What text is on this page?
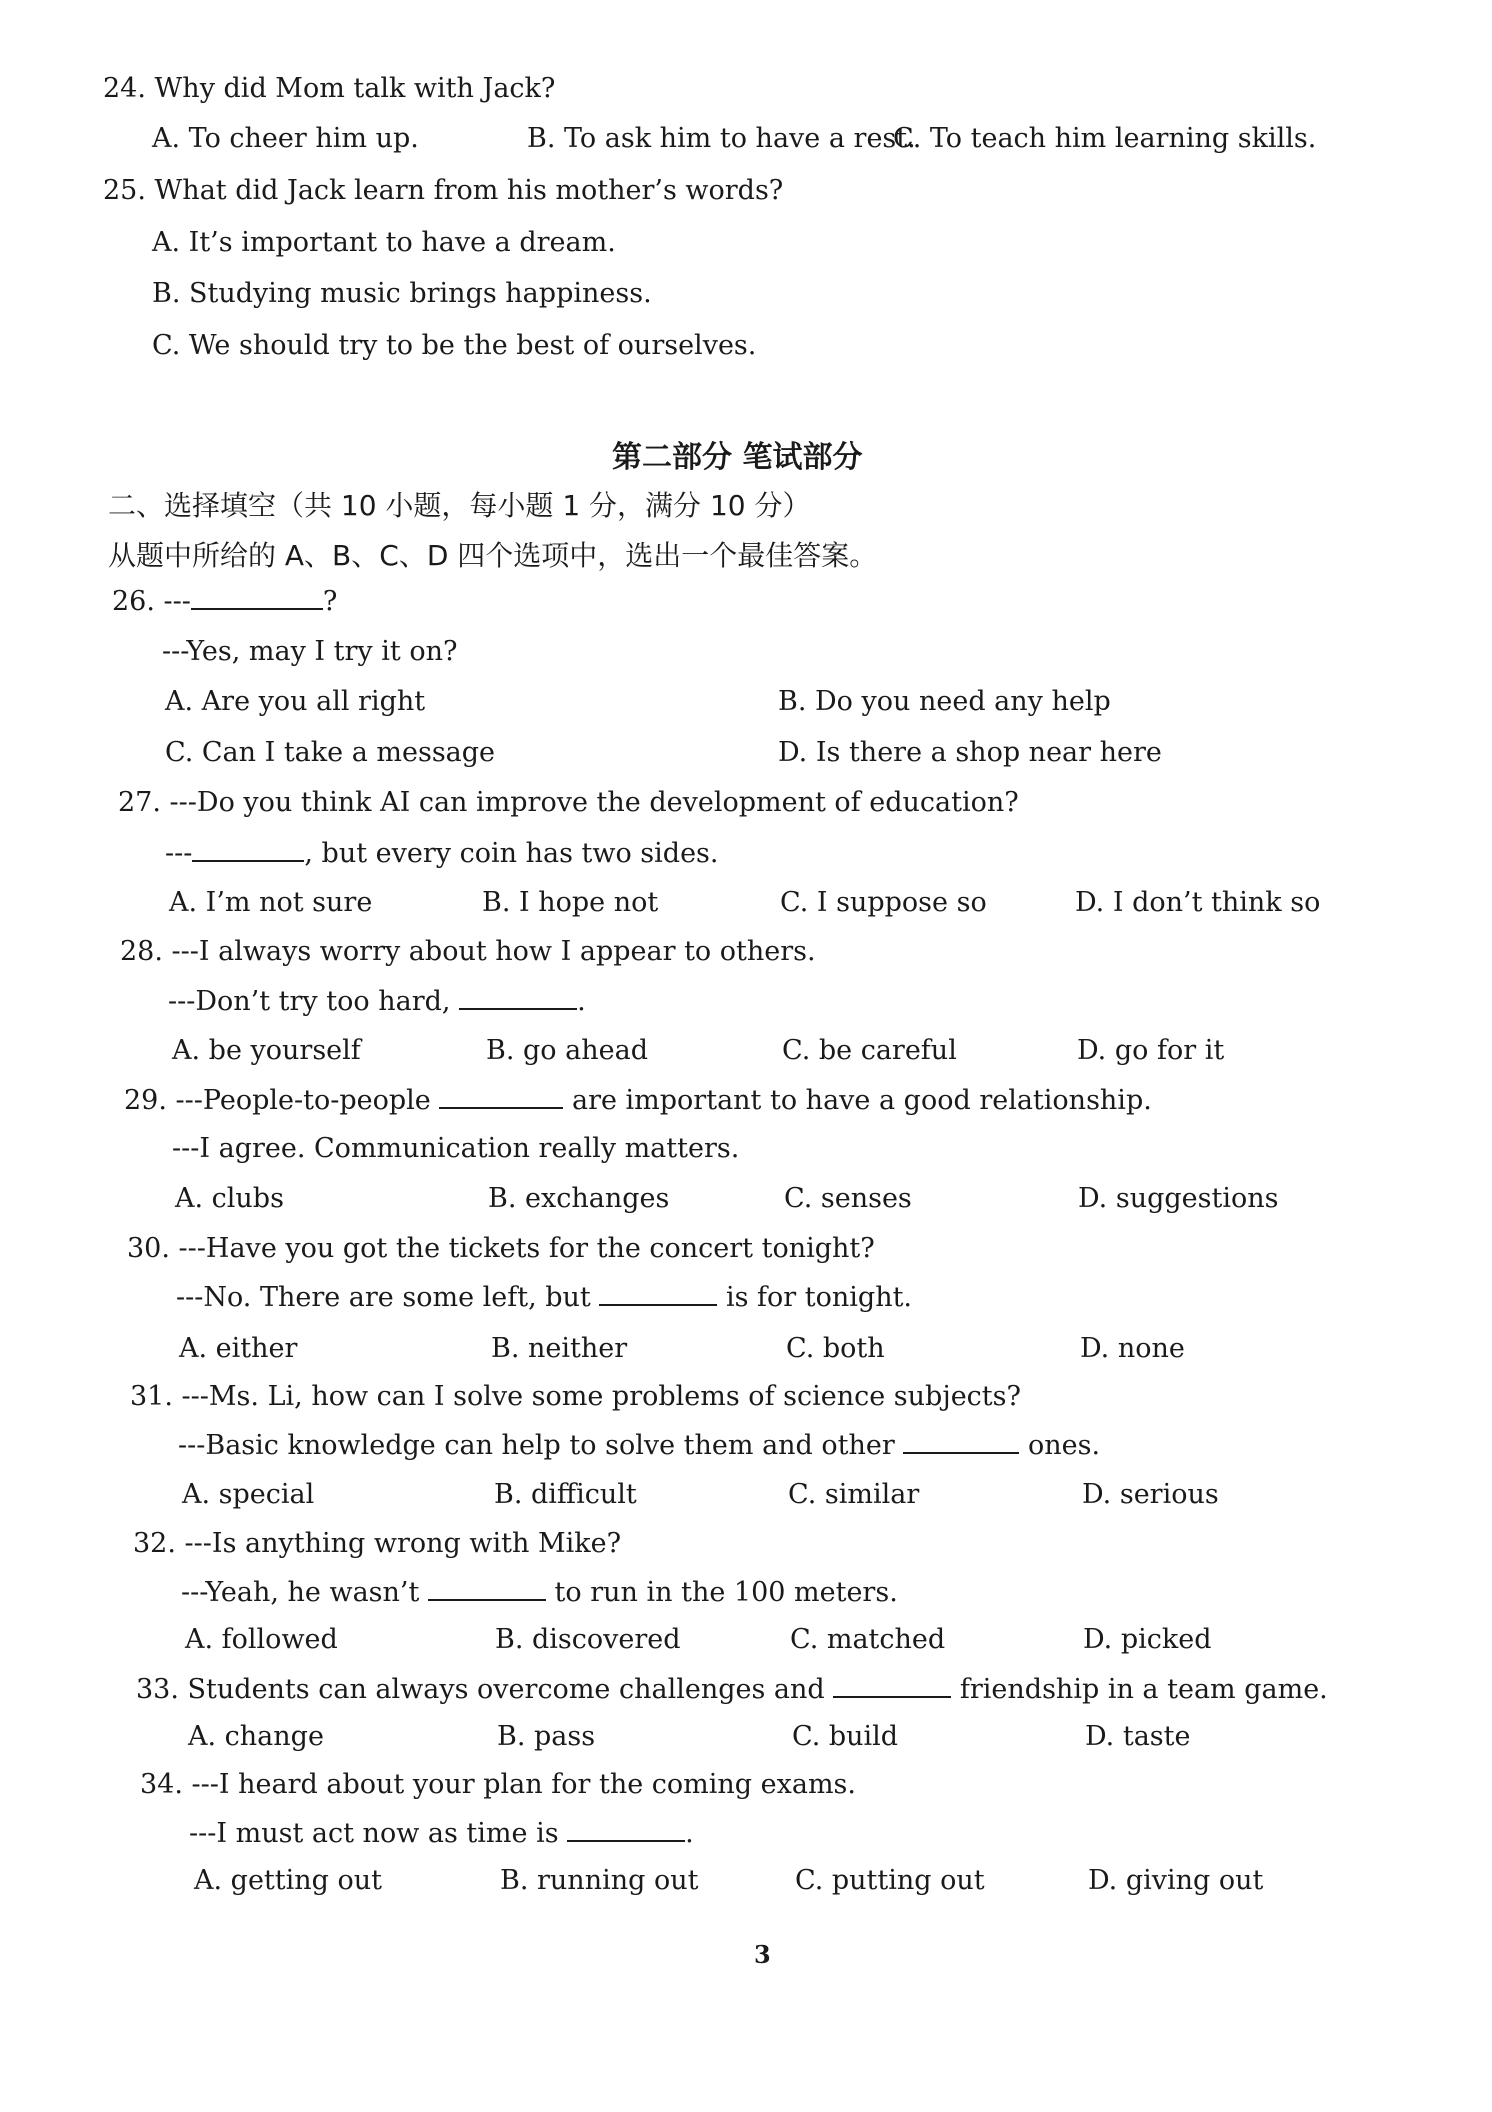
24. Why did Mom talk with Jack?
A. To cheer him up.	B. To ask him to have a rest.
C. To teach him learning skills.
25. What did Jack learn from his mother’s words?
A. It’s important to have a dream.
B. Studying music brings happiness.
C. We should try to be the best of ourselves.
第二部分 笔试部分
二、选择填空（共 10 小题，每小题 1 分，满分 10 分）
从题中所给的 A、B、C、D 四个选项中，选出一个最佳答案。
26. ---	?
---Yes, may I try it on?
A. Are you all right	B. Do you need any help
C. Can I take a message	D. Is there a shop near here
27. ---Do you think AI can improve the development of education?
---	, but every coin has two sides.
A. I’m not sure	B. I hope not	C. I suppose so	D. I don’t think so
28. ---I always worry about how I appear to others.
---Don’t try too hard,	.
A. be yourself	B. go ahead	C. be careful	D. go for it
29. ---People-to-people	are important to have a good relationship.
---I agree. Communication really matters.
A. clubs	B. exchanges	C. senses	D. suggestions
30. ---Have you got the tickets for the concert tonight?
---No. There are some left, but	is for tonight.
A. either	B. neither	C. both	D. none
31. ---Ms. Li, how can I solve some problems of science subjects?
---Basic knowledge can help to solve them and other	ones.
A. special	B. difficult	C. similar	D. serious
32. ---Is anything wrong with Mike?
---Yeah, he wasn’t	to run in the 100 meters.
A. followed	B. discovered	C. matched	D. picked
33. Students can always overcome challenges and	friendship in a team game.
A. change	B. pass	C. build	D. taste
34. ---I heard about your plan for the coming exams.
---I must act now as time is	.
A. getting out	B. running out	C. putting out	D. giving out
3
